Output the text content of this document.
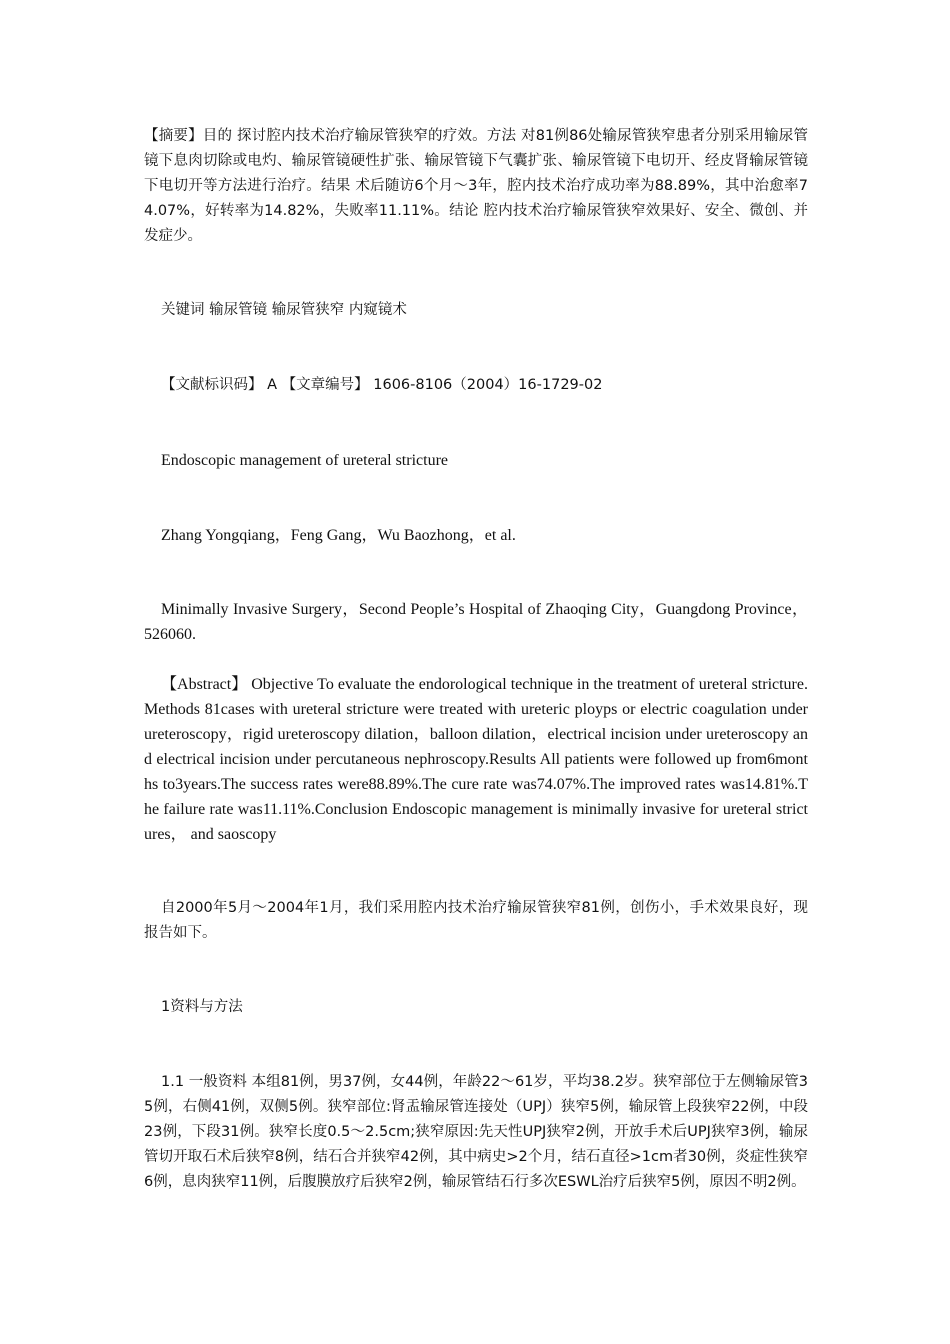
【摘要】目的 探讨腔内技术治疗输尿管狭窄的疗效。方法 对81例86处输尿管狭窄患者分别采用输尿管镜下息肉切除或电灼、输尿管镜硬性扩张、输尿管镜下气囊扩张、输尿管镜下电切开、经皮肾输尿管镜下电切开等方法进行治疗。结果 术后随访6个月～3年，腔内技术治疗成功率为88.89%，其中治愈率74.07%，好转率为14.82%，失败率11.11%。结论 腔内技术治疗输尿管狭窄效果好、安全、微创、并发症少。

关键词 输尿管镜 输尿管狭窄 内窥镜术

【文献标识码】 A 【文章编号】 1606-8106（2004）16-1729-02

Endoscopic management of ureteral stricture

Zhang Yongqiang，Feng Gang，Wu Baozhong，et al.

Minimally Invasive Surgery，Second People’s Hospital of Zhaoqing City，Guangdong Province，526060.

【Abstract】 Objective To evaluate the endorological technique in the treatment of ureteral stricture.Methods 81cases with ureteral stricture were treated with ureteric ployps or electric coagulation under ureteroscopy，rigid ureteroscopy dilation，balloon dilation，electrical incision under ureteroscopy and electrical incision under percutaneous nephroscopy.Results All patients were followed up from6months to3years.The success rates were88.89%.The cure rate was74.07%.The improved rates was14.81%.The failure rate was11.11%.Conclusion Endoscopic management is minimally invasive for ureteral strictures， and saoscopy

自2000年5月～2004年1月，我们采用腔内技术治疗输尿管狭窄81例，创伤小，手术效果良好，现报告如下。

1资料与方法

1.1 一般资料 本组81例，男37例，女44例，年龄22～61岁，平均38.2岁。狭窄部位于左侧输尿管35例，右侧41例，双侧5例。狭窄部位:肾盂输尿管连接处（UPJ）狭窄5例，输尿管上段狭窄22例，中段23例，下段31例。狭窄长度0.5～2.5cm;狭窄原因:先天性UPJ狭窄2例，开放手术后UPJ狭窄3例，输尿管切开取石术后狭窄8例，结石合并狭窄42例，其中病史>2个月，结石直径>1cm者30例，炎症性狭窄6例，息肉狭窄11例，后腹膜放疗后狭窄2例，输尿管结石行多次ESWL治疗后狭窄5例，原因不明2例。
